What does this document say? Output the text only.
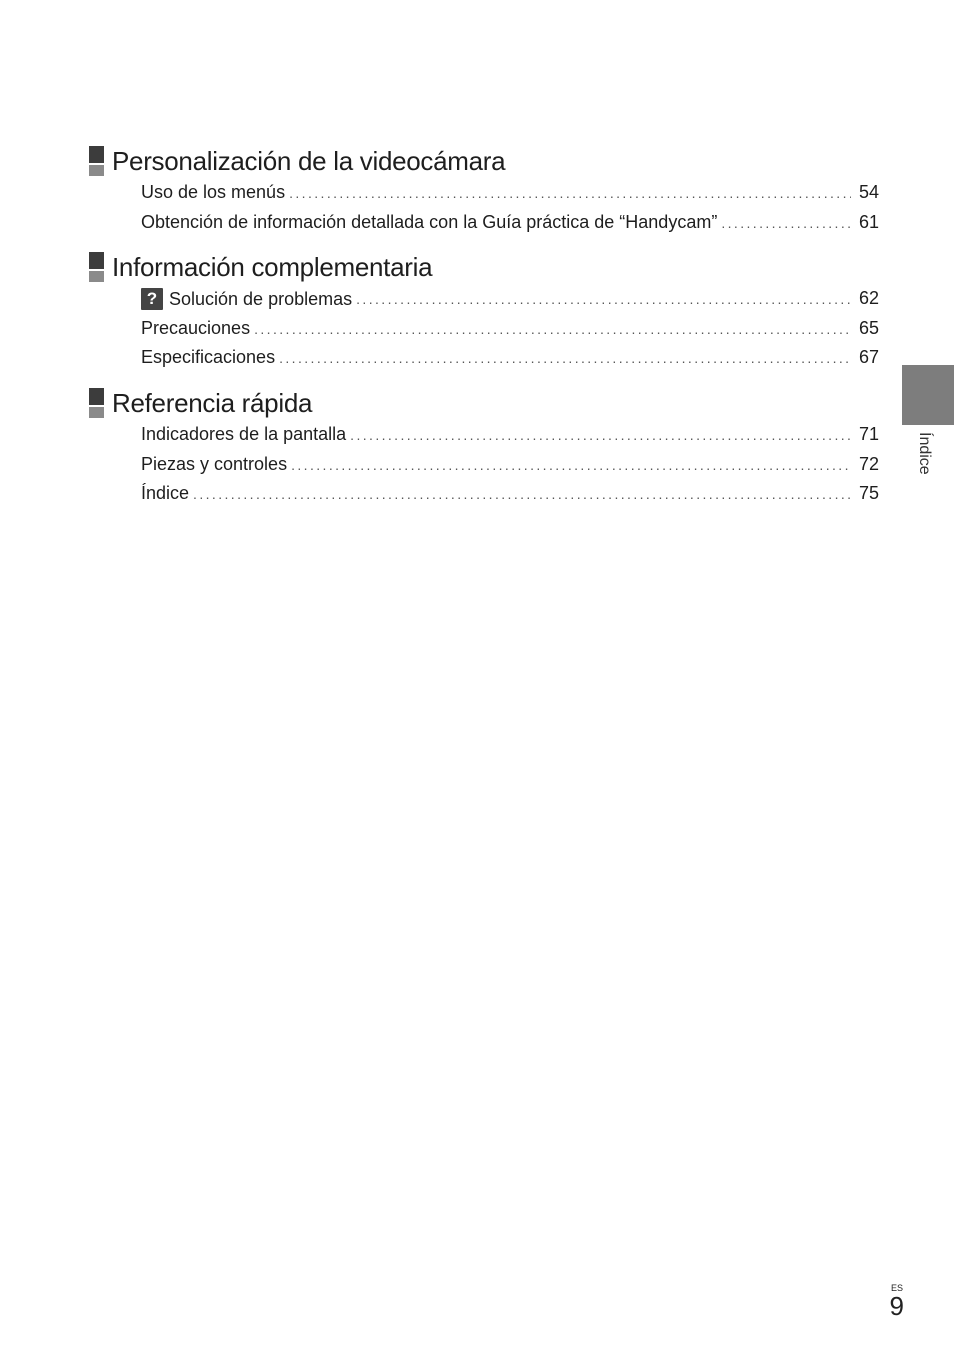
Personalización de la videocámara
Uso de los menús .....	54
Obtención de información detallada con la Guía práctica de “Handycam” .....	61
Información complementaria
? Solución de problemas .....	62
Precauciones .....	65
Especificaciones .....	67
Referencia rápida
Indicadores de la pantalla .....	71
Piezas y controles .....	72
Índice .....	75
Índice
ES
9
